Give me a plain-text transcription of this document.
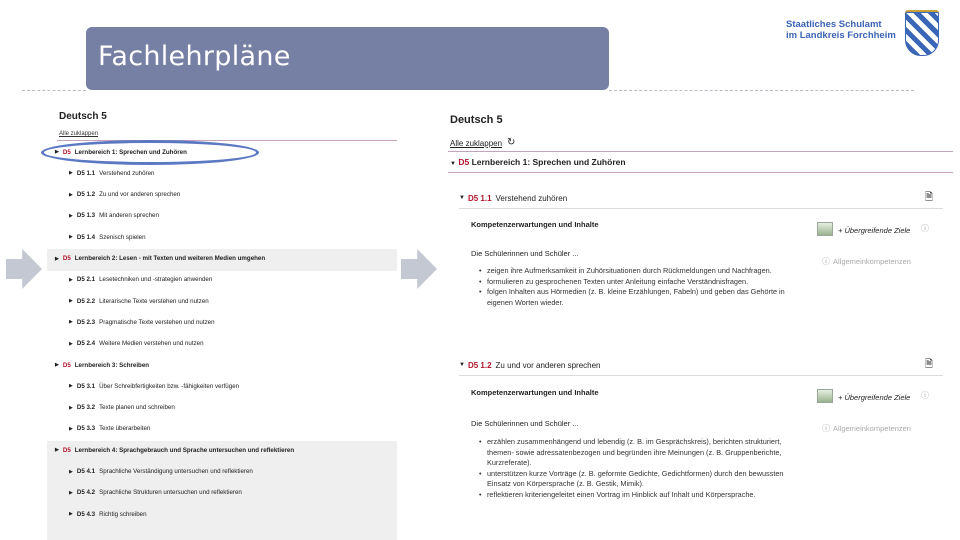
Fachlehrpläne
Staatliches Schulamt
im Landkreis Forchheim
Deutsch 5
Alle zuklappen
▶ D5 Lernbereich 1: Sprechen und Zuhören
▶ D5 1.1 Verstehend zuhören
▶ D5 1.2 Zu und vor anderen sprechen
▶ D5 1.3 Mit anderen sprechen
▶ D5 1.4 Szenisch spielen
▶ D5 Lernbereich 2: Lesen - mit Texten und weiteren Medien umgehen
▶ D5 2.1 Lesetechniken und -strategien anwenden
▶ D5 2.2 Literarische Texte verstehen und nutzen
▶ D5 2.3 Pragmatische Texte verstehen und nutzen
▶ D5 2.4 Weitere Medien verstehen und nutzen
▶ D5 Lernbereich 3: Schreiben
▶ D5 3.1 Über Schreibfertigkeiten bzw. -fähigkeiten verfügen
▶ D5 3.2 Texte planen und schreiben
▶ D5 3.3 Texte überarbeiten
▶ D5 Lernbereich 4: Sprachgebrauch und Sprache untersuchen und reflektieren
▶ D5 4.1 Sprachliche Verständigung untersuchen und reflektieren
▶ D5 4.2 Sprachliche Strukturen untersuchen und reflektieren
▶ D5 4.3 Richtig schreiben
Deutsch 5
Alle zuklappen ↻
▼ D5 Lernbereich 1: Sprechen und Zuhören
▼ D5 1.1 Verstehend zuhören	🗎
Kompetenzerwartungen und Inhalte
+ Übergreifende Ziele ⓘ
Die Schülerinnen und Schüler ...
ⓘ Allgemeinkompetenzen
• zeigen ihre Aufmerksamkeit in Zuhörsituationen durch Rückmeldungen und Nachfragen.
• formulieren zu gesprochenen Texten unter Anleitung einfache Verständnisfragen.
• folgen Inhalten aus Hörmedien (z. B. kleine Erzählungen, Fabeln) und geben das Gehörte in eigenen Worten wieder.
▼ D5 1.2 Zu und vor anderen sprechen	🗎
Kompetenzerwartungen und Inhalte
+ Übergreifende Ziele ⓘ
Die Schülerinnen und Schüler ...
ⓘ Allgemeinkompetenzen
• erzählen zusammenhängend und lebendig (z. B. im Gesprächskreis), berichten strukturiert, themen- sowie adressatenbezogen und begründen ihre Meinungen (z. B. Gruppenberichte, Kurzreferate).
• unterstützen kurze Vorträge (z. B. geformte Gedichte, Gedichtformen) durch den bewussten Einsatz von Körpersprache (z. B. Gestik, Mimik).
• reflektieren kriteriengeleitet einen Vortrag im Hinblick auf Inhalt und Körpersprache.
